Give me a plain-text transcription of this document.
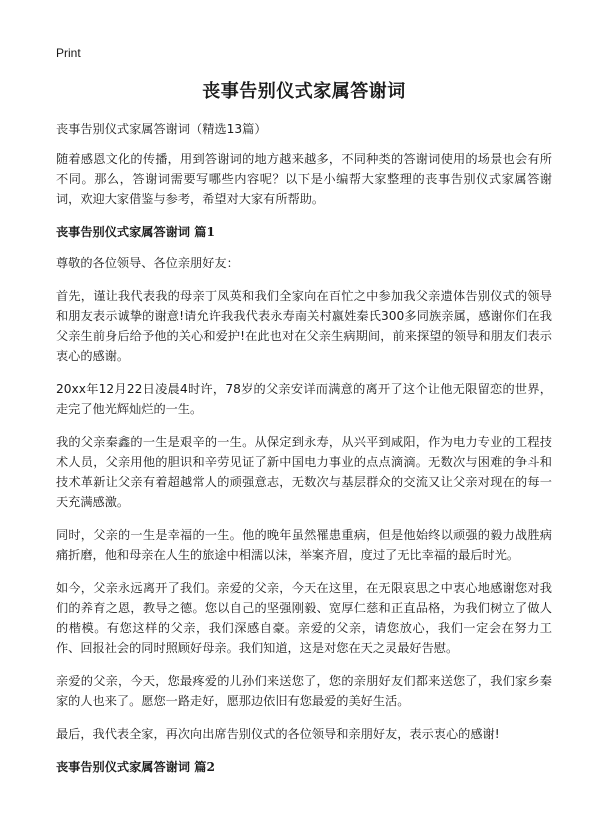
Print
丧事告别仪式家属答谢词

丧事告别仪式家属答谢词（精选13篇）

随着感恩文化的传播，用到答谢词的地方越来越多，不同种类的答谢词使用的场景也会有所不同。那么，答谢词需要写哪些内容呢？以下是小编帮大家整理的丧事告别仪式家属答谢词，欢迎大家借鉴与参考，希望对大家有所帮助。

丧事告别仪式家属答谢词 篇1

尊敬的各位领导、各位亲朋好友：

首先，谨让我代表我的母亲丁凤英和我们全家向在百忙之中参加我父亲遗体告别仪式的领导和朋友表示诚挚的谢意!请允许我我代表永寿南关村嬴姓秦氏300多同族亲属，感谢你们在我父亲生前身后给予他的关心和爱护!在此也对在父亲生病期间，前来探望的领导和朋友们表示衷心的感谢。

20xx年12月22日凌晨4时许，78岁的父亲安详而满意的离开了这个让他无限留恋的世界，走完了他光辉灿烂的一生。

我的父亲秦鑫的一生是艰辛的一生。从保定到永寿，从兴平到咸阳，作为电力专业的工程技术人员，父亲用他的胆识和辛劳见证了新中国电力事业的点点滴滴。无数次与困难的争斗和技术革新让父亲有着超越常人的顽强意志，无数次与基层群众的交流又让父亲对现在的每一天充满感激。

同时，父亲的一生是幸福的一生。他的晚年虽然罹患重病，但是他始终以顽强的毅力战胜病痛折磨，他和母亲在人生的旅途中相濡以沫，举案齐眉，度过了无比幸福的最后时光。

如今，父亲永远离开了我们。亲爱的父亲，今天在这里，在无限哀思之中衷心地感谢您对我们的养育之恩，教导之德。您以自己的坚强刚毅、宽厚仁慈和正直品格，为我们树立了做人的楷模。有您这样的父亲，我们深感自豪。亲爱的父亲，请您放心，我们一定会在努力工作、回报社会的同时照顾好母亲。我们知道，这是对您在天之灵最好告慰。

亲爱的父亲，今天，您最疼爱的儿孙们来送您了，您的亲朋好友们都来送您了，我们家乡秦家的人也来了。愿您一路走好，愿那边依旧有您最爱的美好生活。

最后，我代表全家，再次向出席告别仪式的各位领导和亲朋好友，表示衷心的感谢!

丧事告别仪式家属答谢词 篇2
